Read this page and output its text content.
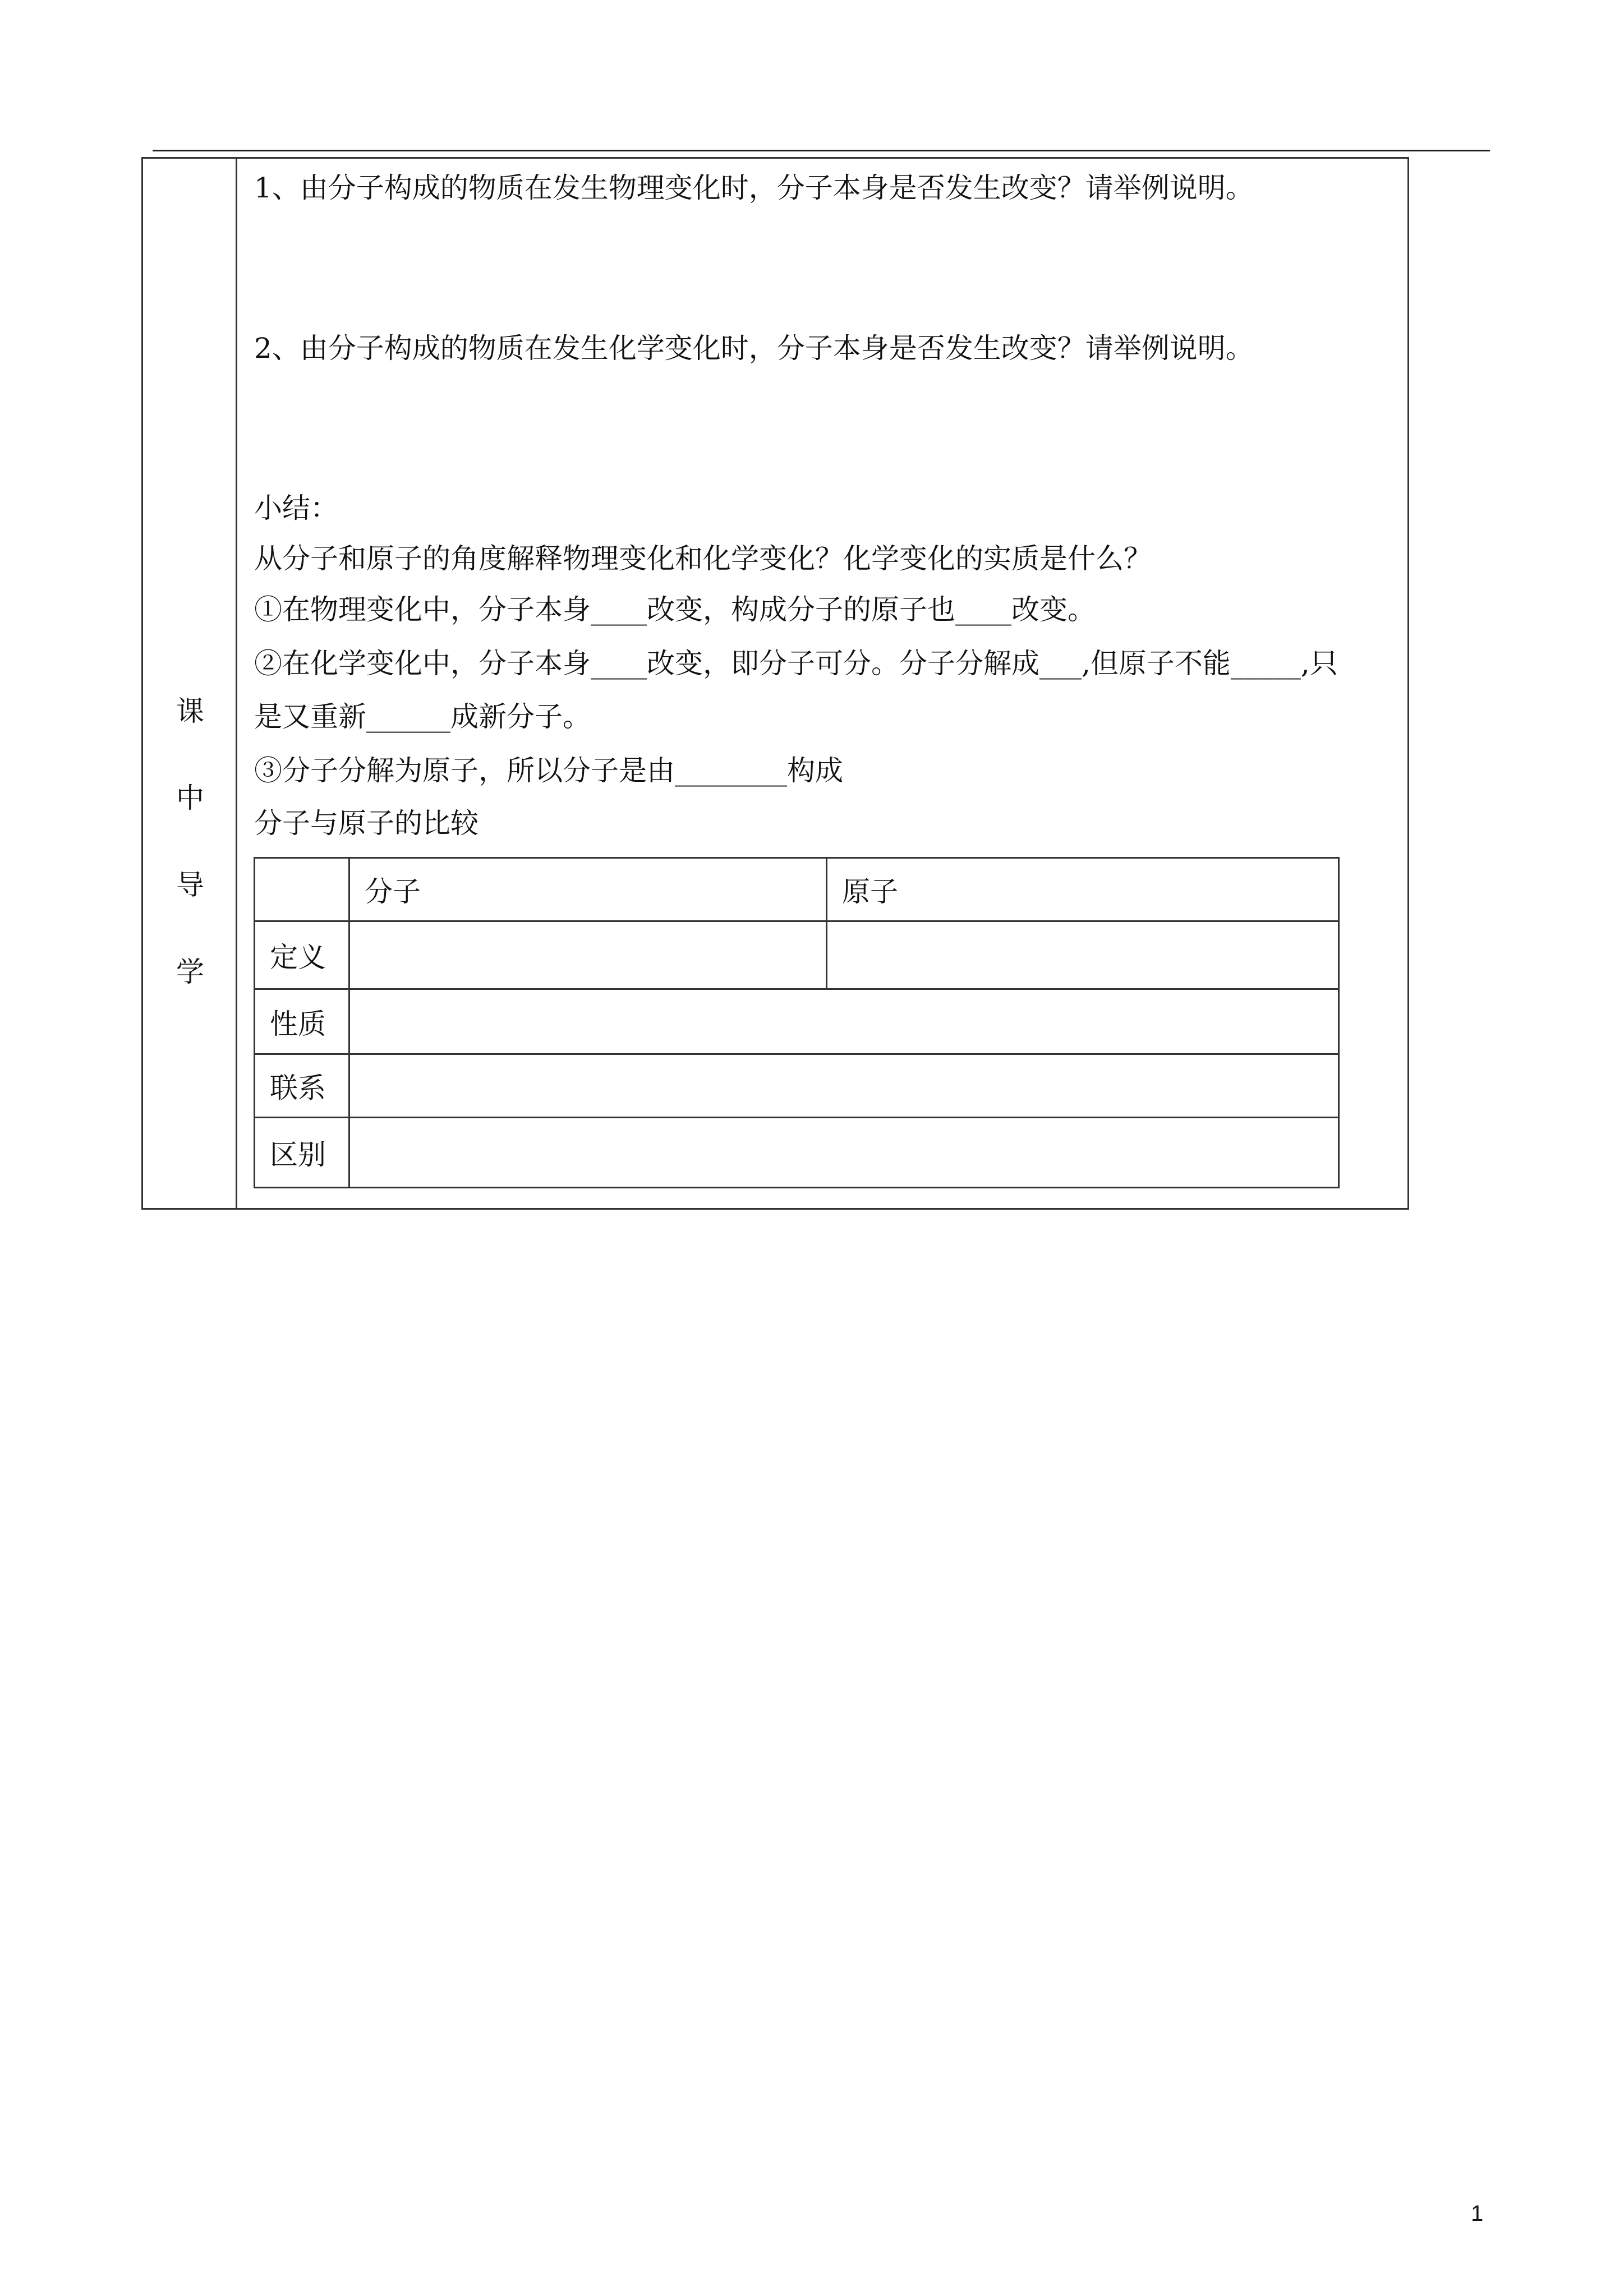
课
中
导
学
1、由分子构成的物质在发生物理变化时，分子本身是否发生改变？请举例说明。
2、由分子构成的物质在发生化学变化时，分子本身是否发生改变？请举例说明。
小结：
从分子和原子的角度解释物理变化和化学变化？化学变化的实质是什么？
①在物理变化中，分子本身____改变，构成分子的原子也____改变。
②在化学变化中，分子本身____改变，即分子可分。分子分解成___,但原子不能_____,只
是又重新______成新分子。
③分子分解为原子，所以分子是由________构成
分子与原子的比较
	分子	原子
定义		
性质		
联系		
区别		
1
